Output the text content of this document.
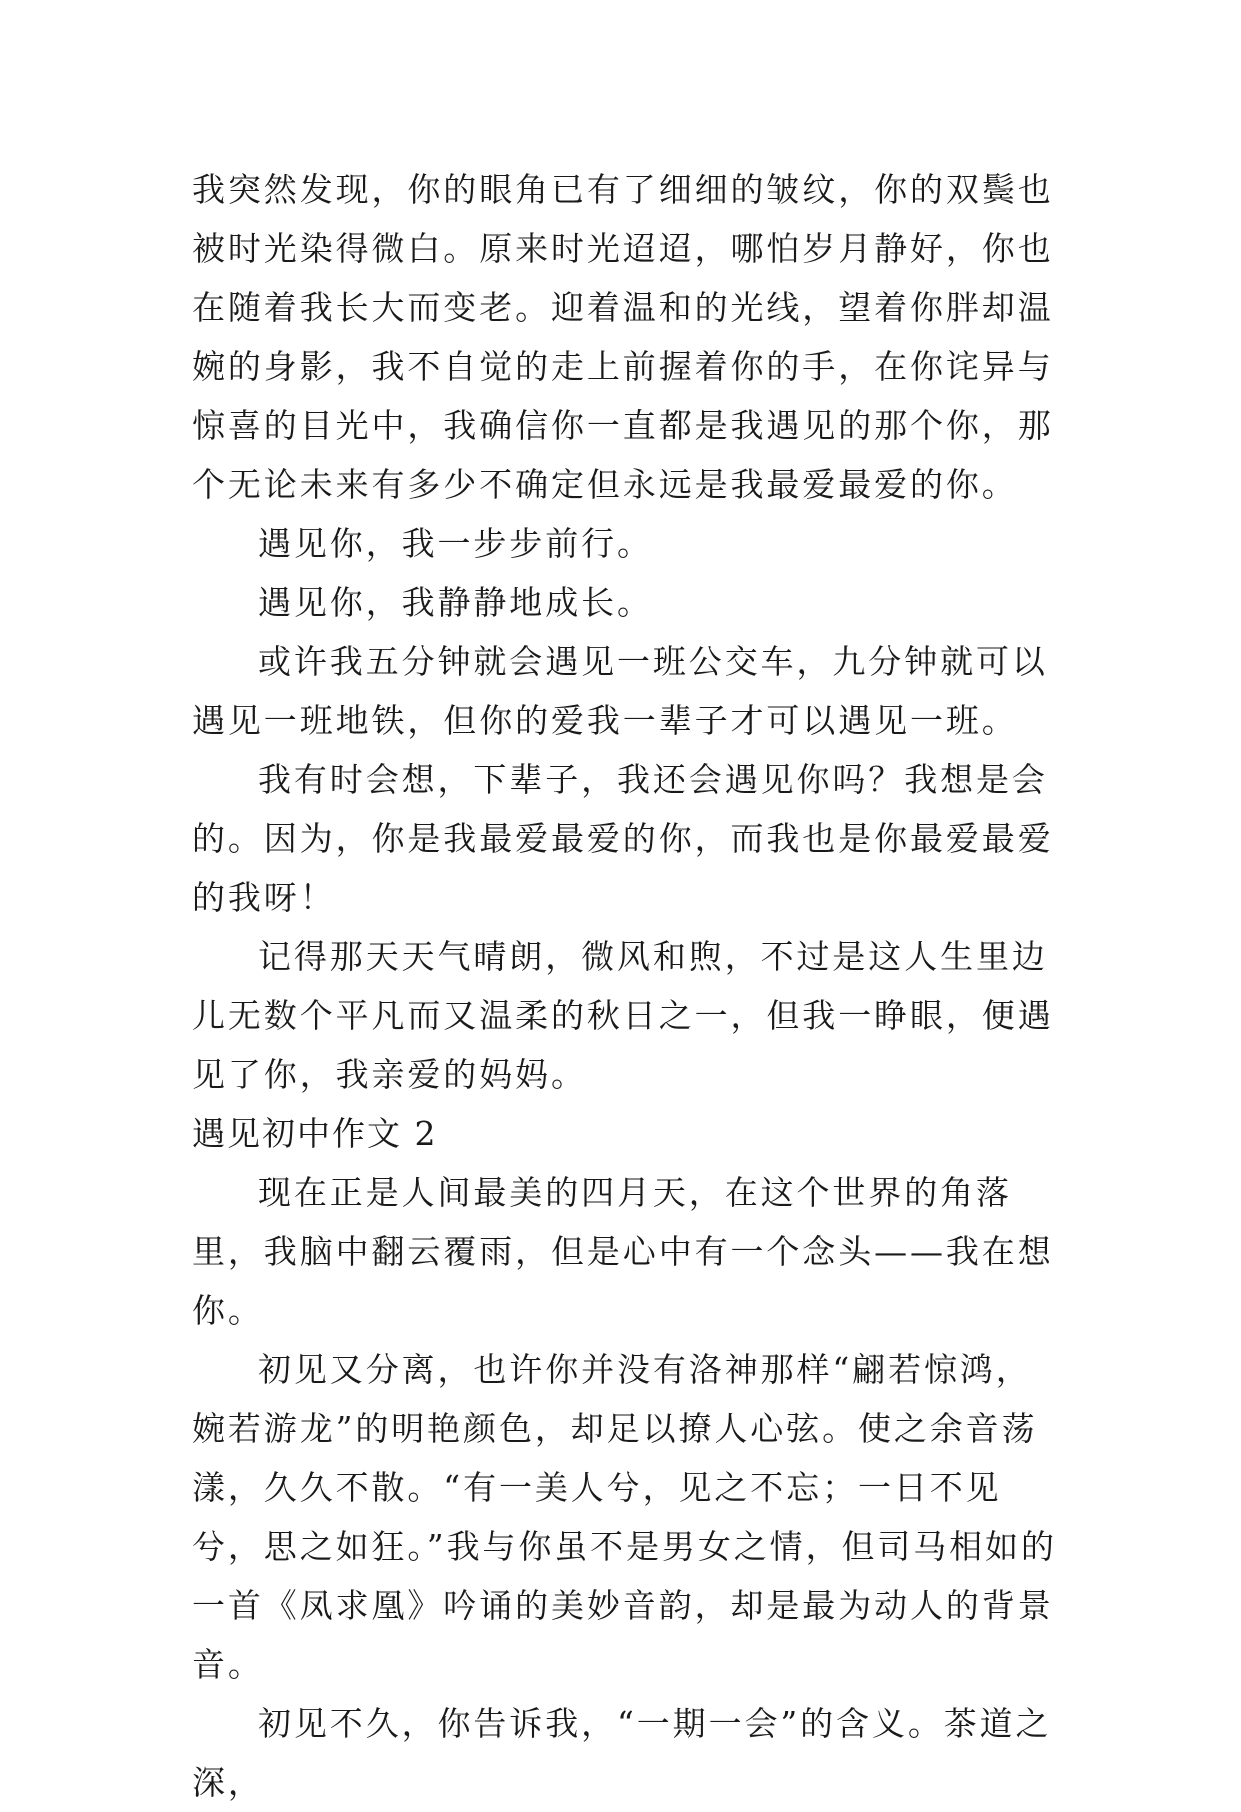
我突然发现，你的眼角已有了细细的皱纹，你的双鬓也被时光染得微白。原来时光迢迢，哪怕岁月静好，你也在随着我长大而变老。迎着温和的光线，望着你胖却温婉的身影，我不自觉的走上前握着你的手，在你诧异与惊喜的目光中，我确信你一直都是我遇见的那个你，那个无论未来有多少不确定但永远是我最爱最爱的你。

遇见你，我一步步前行。

遇见你，我静静地成长。

或许我五分钟就会遇见一班公交车，九分钟就可以遇见一班地铁，但你的爱我一辈子才可以遇见一班。

我有时会想，下辈子，我还会遇见你吗？我想是会的。因为，你是我最爱最爱的你，而我也是你最爱最爱的我呀！

记得那天天气晴朗，微风和煦，不过是这人生里边儿无数个平凡而又温柔的秋日之一，但我一睁眼，便遇见了你，我亲爱的妈妈。

遇见初中作文 2

现在正是人间最美的四月天，在这个世界的角落里，我脑中翻云覆雨，但是心中有一个念头——我在想你。

初见又分离，也许你并没有洛神那样“翩若惊鸿，婉若游龙”的明艳颜色，却足以撩人心弦。使之余音荡漾，久久不散。“有一美人兮，见之不忘；一日不见兮，思之如狂。”我与你虽不是男女之情，但司马相如的一首《凤求凰》吟诵的美妙音韵，却是最为动人的背景音。

初见不久，你告诉我，“一期一会”的含义。茶道之深，
